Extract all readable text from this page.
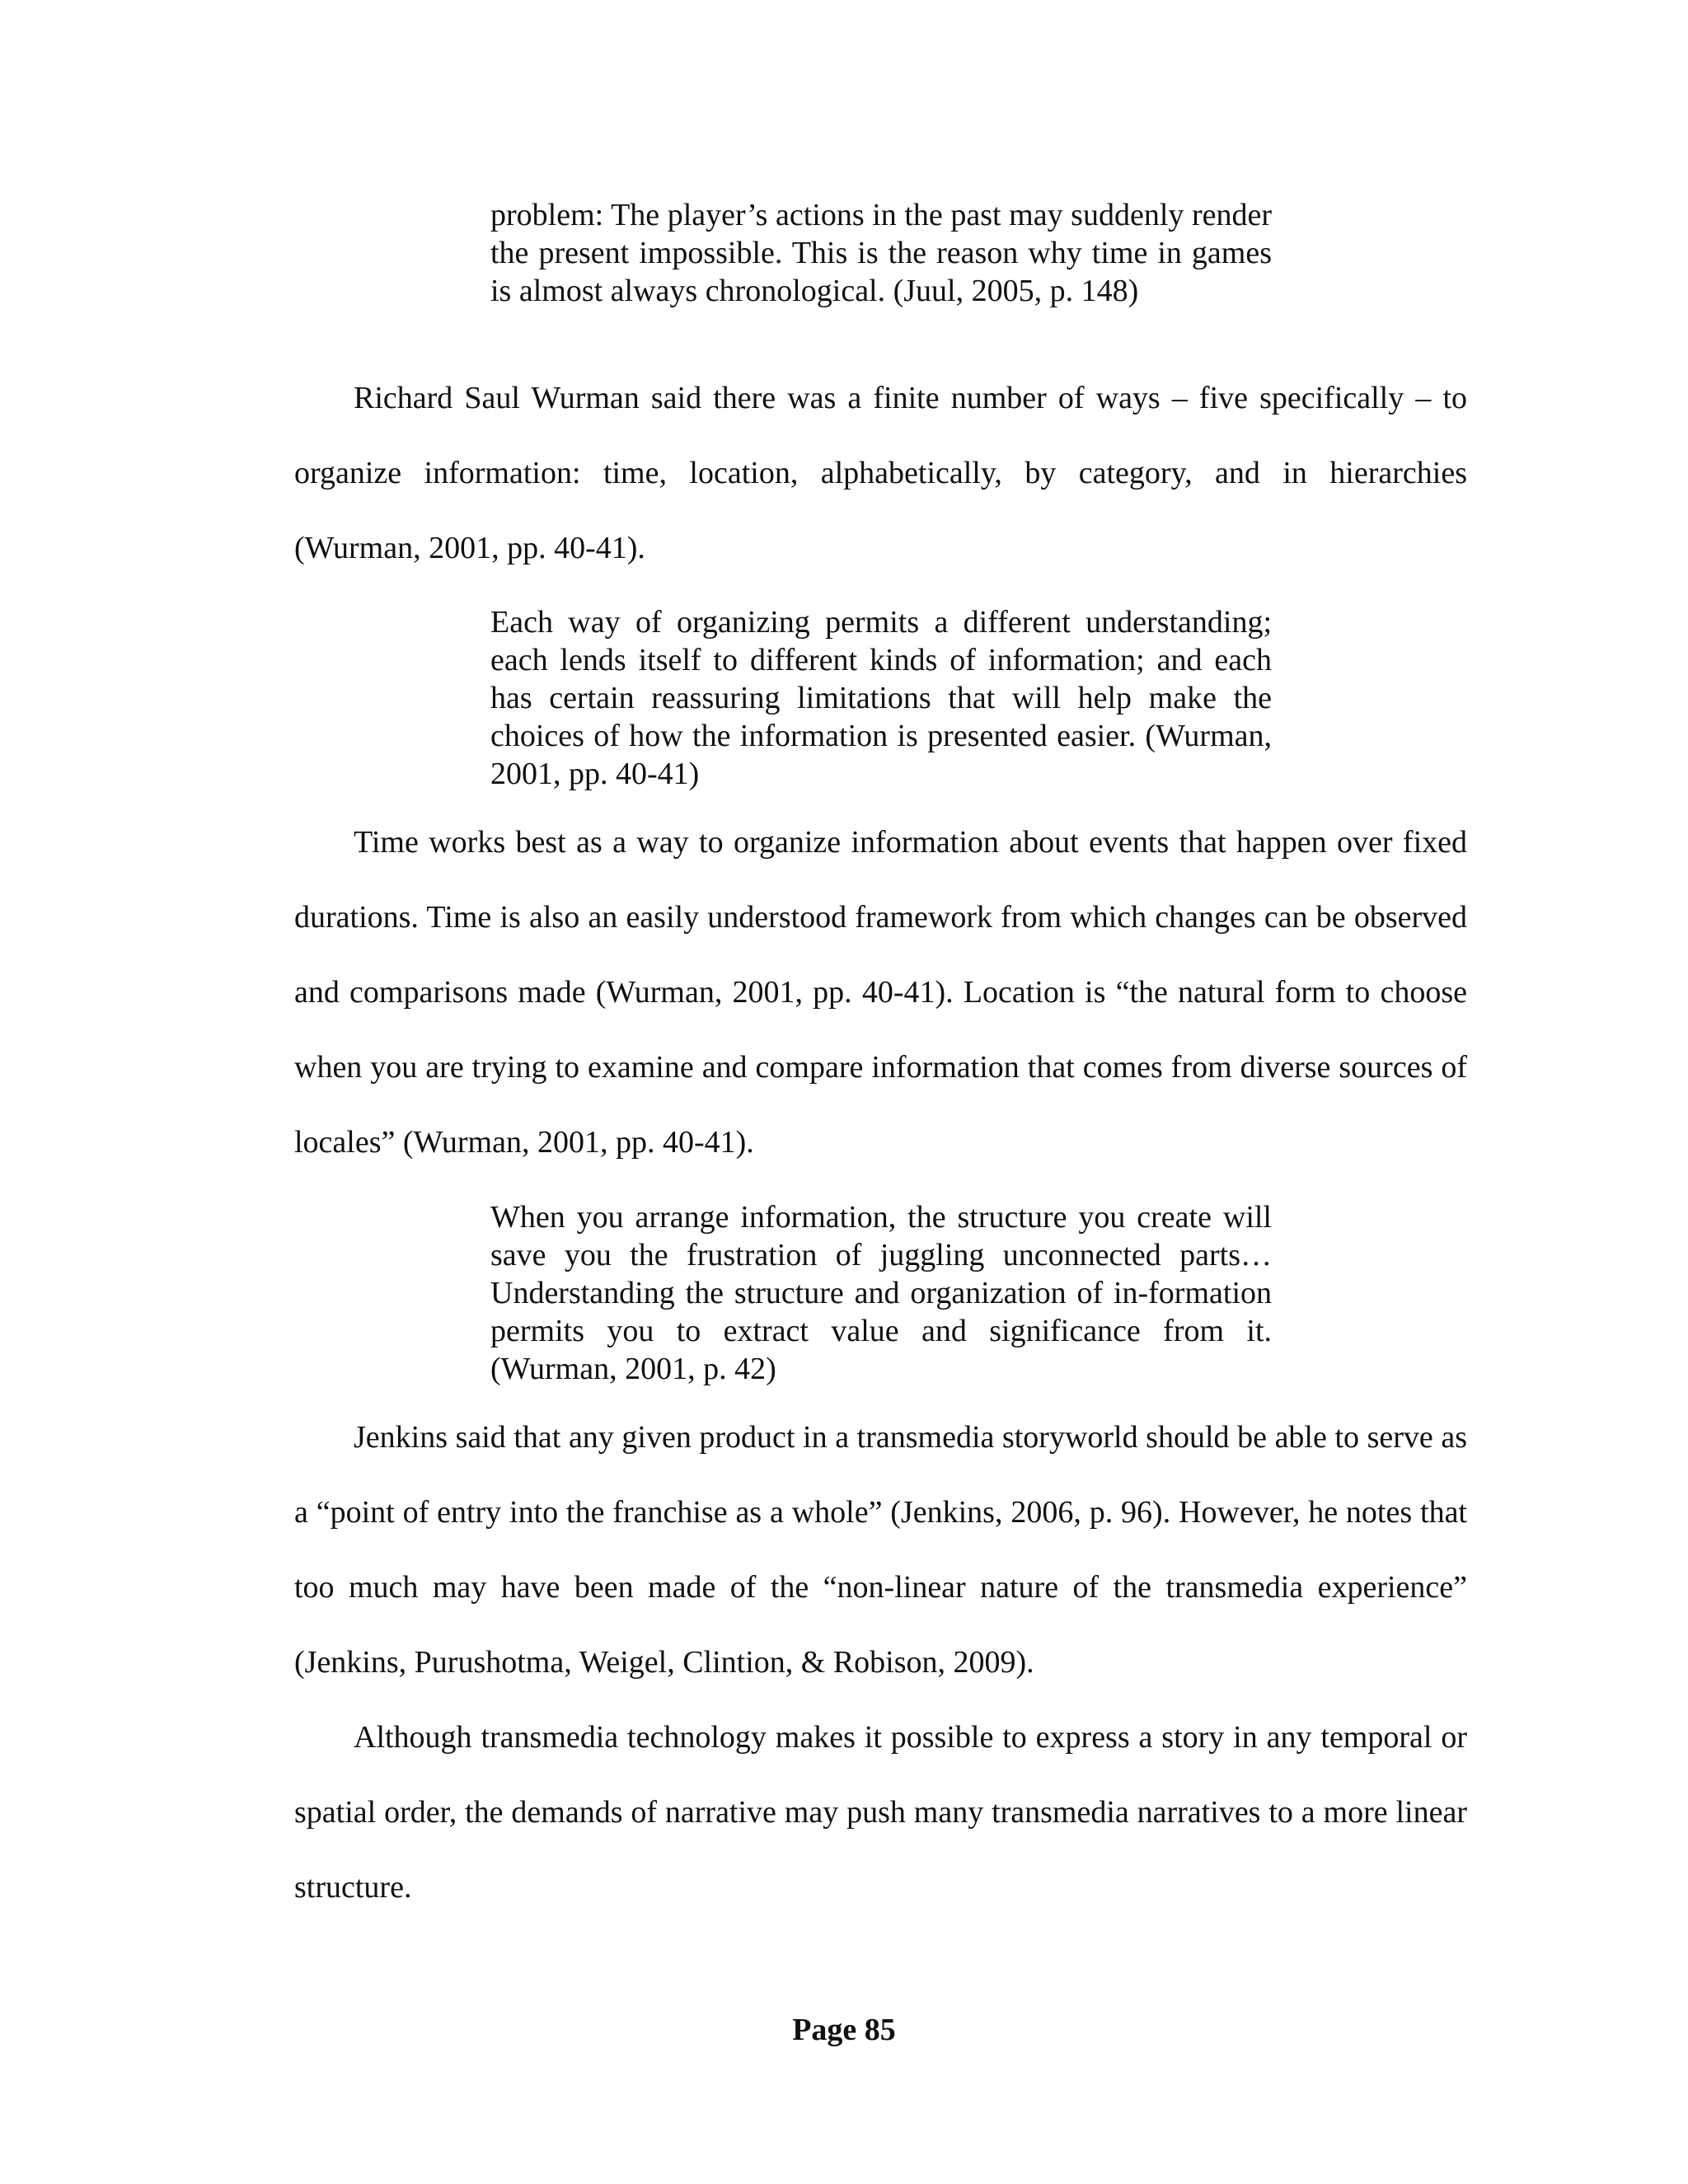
problem: The player’s actions in the past may suddenly render the present impossible. This is the reason why time in games is almost always chronological. (Juul, 2005, p. 148)
Richard Saul Wurman said there was a finite number of ways – five specifically – to organize information: time, location, alphabetically, by category, and in hierarchies (Wurman, 2001, pp. 40-41).
Each way of organizing permits a different understanding; each lends itself to different kinds of information; and each has certain reassuring limitations that will help make the choices of how the information is presented easier. (Wurman, 2001, pp. 40-41)
Time works best as a way to organize information about events that happen over fixed durations. Time is also an easily understood framework from which changes can be observed and comparisons made (Wurman, 2001, pp. 40-41). Location is “the natural form to choose when you are trying to examine and compare information that comes from diverse sources of locales” (Wurman, 2001, pp. 40-41).
When you arrange information, the structure you create will save you the frustration of juggling unconnected parts…Understanding the structure and organization of in-formation permits you to extract value and significance from it. (Wurman, 2001, p. 42)
Jenkins said that any given product in a transmedia storyworld should be able to serve as a “point of entry into the franchise as a whole” (Jenkins, 2006, p. 96). However, he notes that too much may have been made of the “non-linear nature of the transmedia experience” (Jenkins, Purushotma, Weigel, Clintion, & Robison, 2009).
Although transmedia technology makes it possible to express a story in any temporal or spatial order, the demands of narrative may push many transmedia narratives to a more linear structure.
Page 85
